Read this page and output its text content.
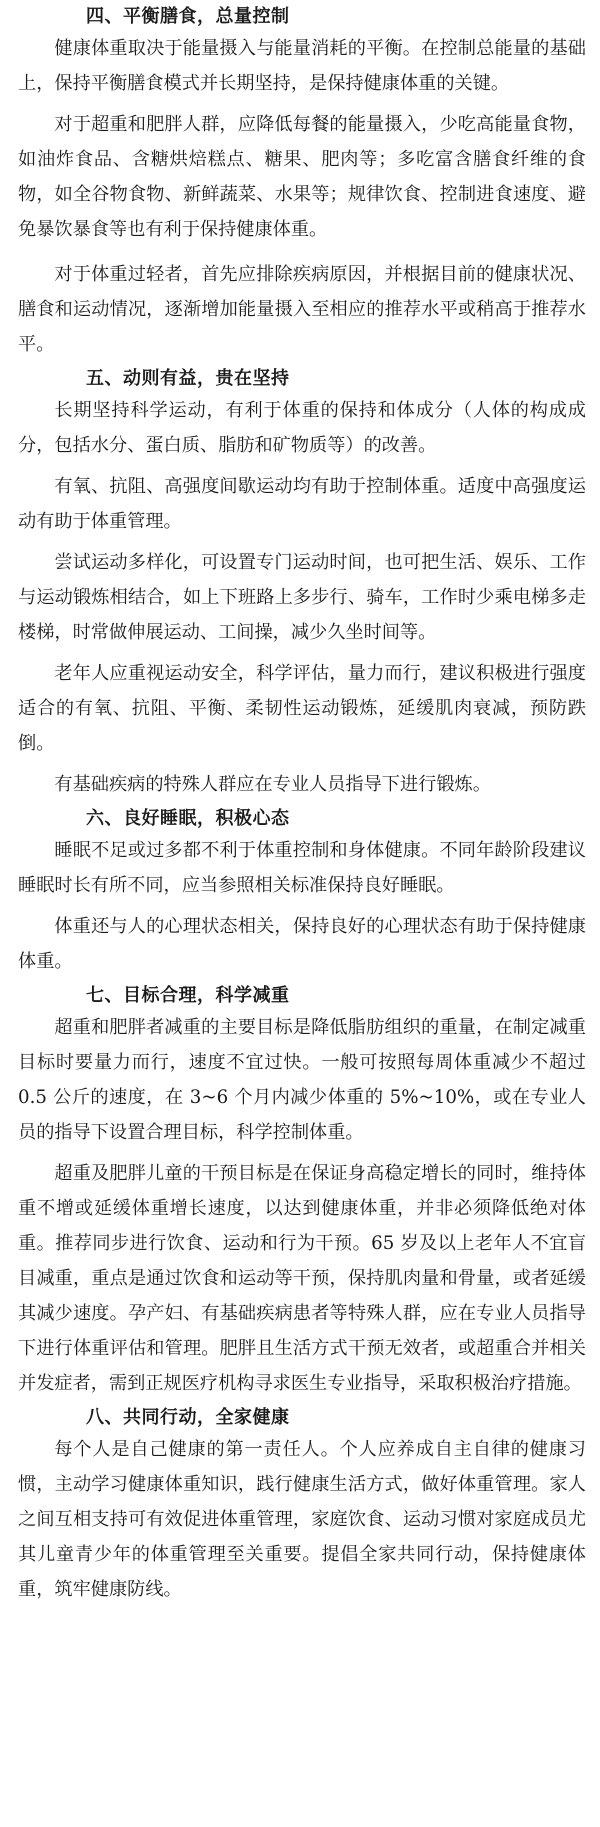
四、平衡膳食，总量控制

健康体重取决于能量摄入与能量消耗的平衡。在控制总能量的基础上，保持平衡膳食模式并长期坚持，是保持健康体重的关键。

对于超重和肥胖人群，应降低每餐的能量摄入，少吃高能量食物，如油炸食品、含糖烘焙糕点、糖果、肥肉等；多吃富含膳食纤维的食物，如全谷物食物、新鲜蔬菜、水果等；规律饮食、控制进食速度、避免暴饮暴食等也有利于保持健康体重。

对于体重过轻者，首先应排除疾病原因，并根据目前的健康状况、膳食和运动情况，逐渐增加能量摄入至相应的推荐水平或稍高于推荐水平。

五、动则有益，贵在坚持

长期坚持科学运动，有利于体重的保持和体成分（人体的构成成分，包括水分、蛋白质、脂肪和矿物质等）的改善。

有氧、抗阻、高强度间歇运动均有助于控制体重。适度中高强度运动有助于体重管理。

尝试运动多样化，可设置专门运动时间，也可把生活、娱乐、工作与运动锻炼相结合，如上下班路上多步行、骑车，工作时少乘电梯多走楼梯，时常做伸展运动、工间操，减少久坐时间等。

老年人应重视运动安全，科学评估，量力而行，建议积极进行强度适合的有氧、抗阻、平衡、柔韧性运动锻炼，延缓肌肉衰减，预防跌倒。

有基础疾病的特殊人群应在专业人员指导下进行锻炼。

六、良好睡眠，积极心态

睡眠不足或过多都不利于体重控制和身体健康。不同年龄阶段建议睡眠时长有所不同，应当参照相关标准保持良好睡眠。

体重还与人的心理状态相关，保持良好的心理状态有助于保持健康体重。

七、目标合理，科学减重

超重和肥胖者减重的主要目标是降低脂肪组织的重量，在制定减重目标时要量力而行，速度不宜过快。一般可按照每周体重减少不超过 0.5 公斤的速度，在 3~6 个月内减少体重的 5%~10%，或在专业人员的指导下设置合理目标，科学控制体重。

超重及肥胖儿童的干预目标是在保证身高稳定增长的同时，维持体重不增或延缓体重增长速度，以达到健康体重，并非必须降低绝对体重。推荐同步进行饮食、运动和行为干预。65 岁及以上老年人不宜盲目减重，重点是通过饮食和运动等干预，保持肌肉量和骨量，或者延缓其减少速度。孕产妇、有基础疾病患者等特殊人群，应在专业人员指导下进行体重评估和管理。肥胖且生活方式干预无效者，或超重合并相关并发症者，需到正规医疗机构寻求医生专业指导，采取积极治疗措施。

八、共同行动，全家健康

每个人是自己健康的第一责任人。个人应养成自主自律的健康习惯，主动学习健康体重知识，践行健康生活方式，做好体重管理。家人之间互相支持可有效促进体重管理，家庭饮食、运动习惯对家庭成员尤其儿童青少年的体重管理至关重要。提倡全家共同行动，保持健康体重，筑牢健康防线。
